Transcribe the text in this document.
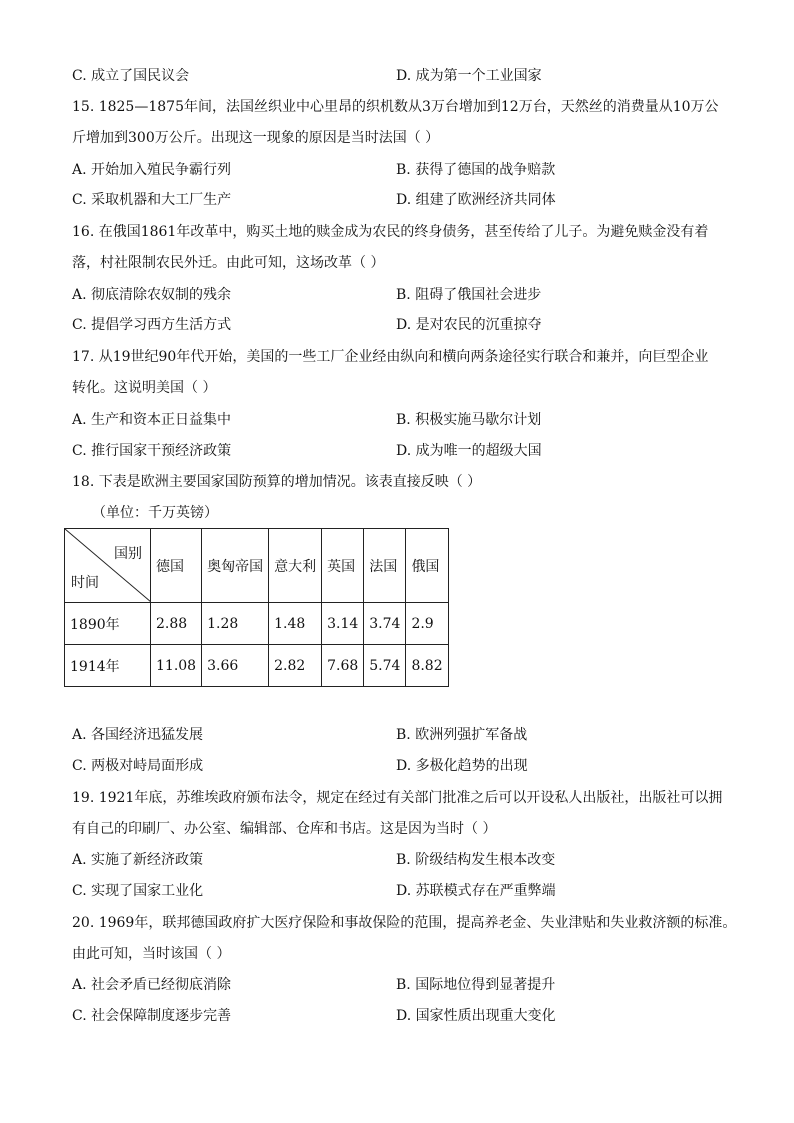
C. 成立了国民议会	D. 成为第一个工业国家
15. 1825—1875年间，法国丝织业中心里昂的织机数从3万台增加到12万台，天然丝的消费量从10万公
斤增加到300万公斤。出现这一现象的原因是当时法国（ ）
A. 开始加入殖民争霸行列	B. 获得了德国的战争赔款
C. 采取机器和大工厂生产	D. 组建了欧洲经济共同体
16. 在俄国1861年改革中，购买土地的赎金成为农民的终身债务，甚至传给了儿子。为避免赎金没有着
落，村社限制农民外迁。由此可知，这场改革（ ）
A. 彻底清除农奴制的残余	B. 阻碍了俄国社会进步
C. 提倡学习西方生活方式	D. 是对农民的沉重掠夺
17. 从19世纪90年代开始，美国的一些工厂企业经由纵向和横向两条途径实行联合和兼并，向巨型企业
转化。这说明美国（ ）
A. 生产和资本正日益集中	B. 积极实施马歇尔计划
C. 推行国家干预经济政策	D. 成为唯一的超级大国
18. 下表是欧洲主要国家国防预算的增加情况。该表直接反映（ ）
（单位：千万英镑）
国别
时间	德国	奥匈帝国	意大利	英国	法国	俄国
1890年	2.88	1.28	1.48	3.14	3.74	2.9
1914年	11.08	3.66	2.82	7.68	5.74	8.82
A. 各国经济迅猛发展	B. 欧洲列强扩军备战
C. 两极对峙局面形成	D. 多极化趋势的出现
19. 1921年底，苏维埃政府颁布法令，规定在经过有关部门批准之后可以开设私人出版社，出版社可以拥
有自己的印刷厂、办公室、编辑部、仓库和书店。这是因为当时（ ）
A. 实施了新经济政策	B. 阶级结构发生根本改变
C. 实现了国家工业化	D. 苏联模式存在严重弊端
20. 1969年，联邦德国政府扩大医疗保险和事故保险的范围，提高养老金、失业津贴和失业救济额的标准。
由此可知，当时该国（ ）
A. 社会矛盾已经彻底消除	B. 国际地位得到显著提升
C. 社会保障制度逐步完善	D. 国家性质出现重大变化
